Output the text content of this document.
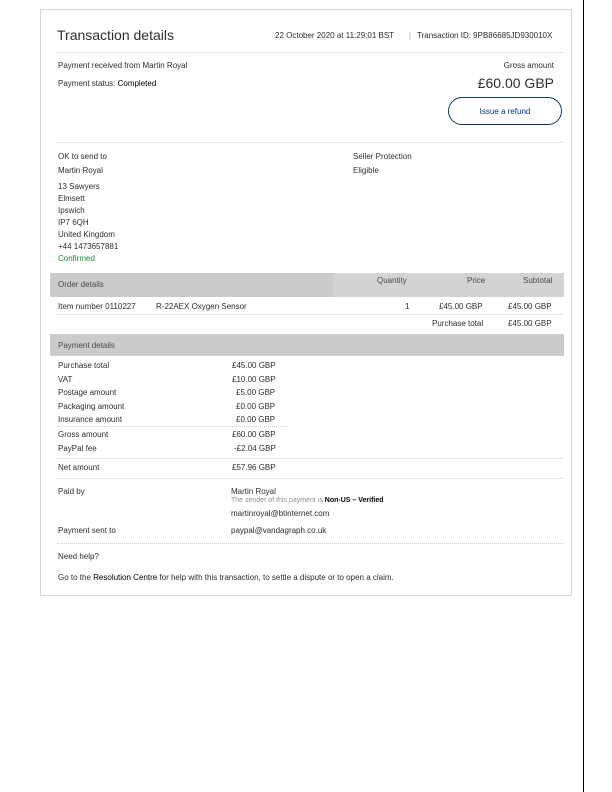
Transaction details	22 October 2020 at 11:29:01 BST | Transaction ID: 9PB86685JD930010X
Payment received from Martin Royal
Payment status: Completed
Gross amount
£60.00 GBP
Issue a refund
OK to send to
Martin Royal
13 Sawyers
Elmsett
Ipswich
IP7 6QH
United Kingdom
+44 1473657881
Confirmed
Seller Protection
Eligible
Order details	Quantity	Price	Subtotal
Item number 0110227	R-22AEX Oxygen Sensor	1	£45.00 GBP	£45.00 GBP
Purchase total	£45.00 GBP
Payment details
Purchase total	£45.00 GBP
VAT	£10.00 GBP
Postage amount	£5.00 GBP
Packaging amount	£0.00 GBP
Insurance amount	£0.00 GBP
Gross amount	£60.00 GBP
PayPal fee	-£2.04 GBP
Net amount	£57.96 GBP
Paid by	Martin Royal
The sender of this payment is Non-US – Verified
martinroyal@btinternet.com
Payment sent to	paypal@vandagraph.co.uk
Need help?
Go to the Resolution Centre for help with this transaction, to settle a dispute or to open a claim.
